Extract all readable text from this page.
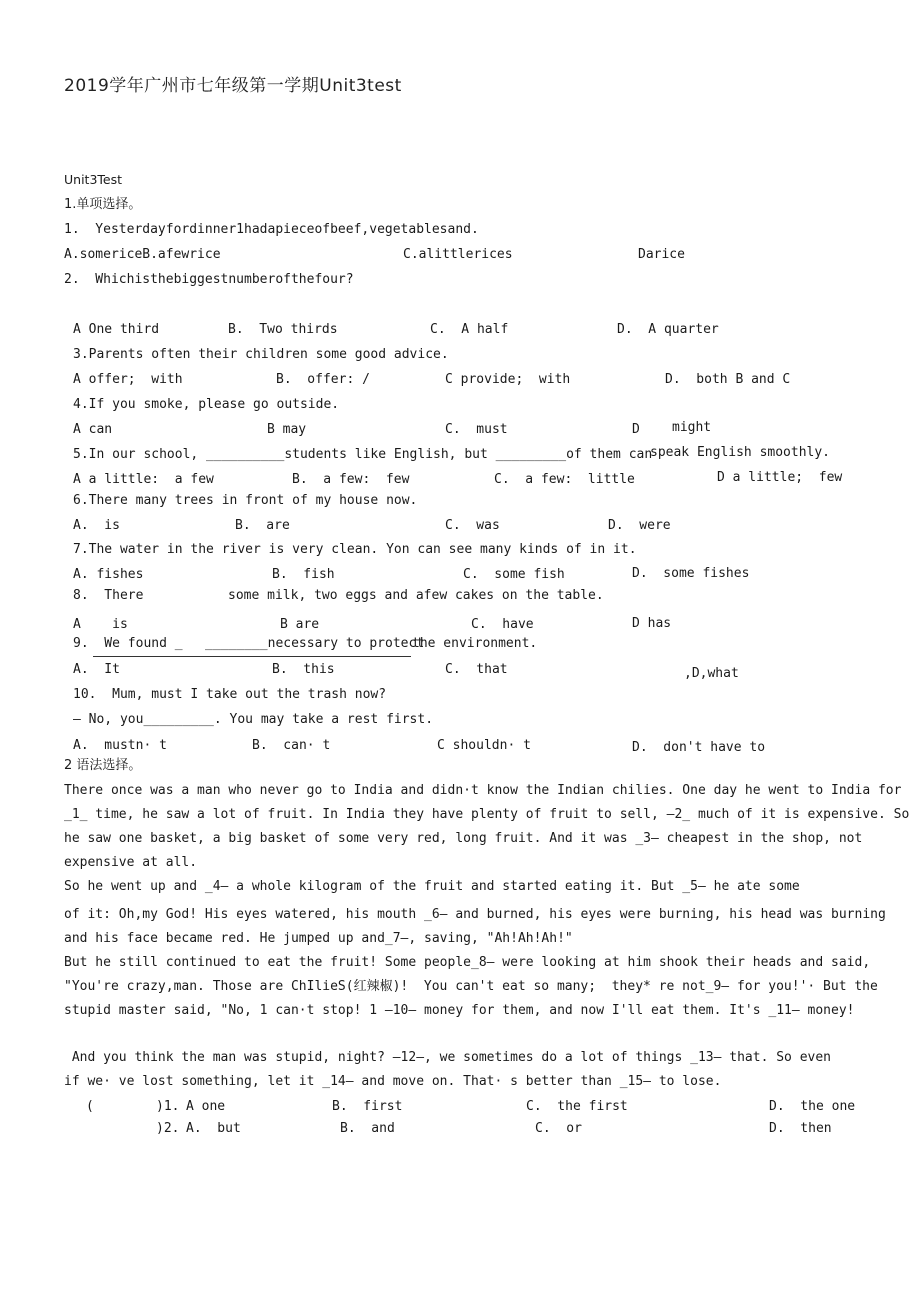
2019学年广州市七年级第一学期Unit3test
Unit3Test
1.单项选择。
1.  Yesterdayfordinner1hadapieceofbeef,vegetablesand.
A.somericeB.afewrice	C.alittlerices	Darice
2.  Whichisthebiggestnumberofthefour?
A One third	B.  Two thirds	C.  A half	D.  A quarter
3.Parents often their children some good advice.
A offer;  with	B.  offer: /	C provide;  with	D.  both B and C
4.If you smoke, please go outside.
A can	B may	C.  must	D might
5.In our school, __________students like English, but _________of them can
speak English smoothly.
A a little:  a few	B.  a few:  few	C.  a few:  little	D a little;  few
6.There many trees in front of my house now.
A.  is	B.  are	C.  was	D.  were
7.The water in the river is very clean. Yon can see many kinds of in it.
A. fishes	B.  fish	C.  some fish	D.  some fishes
8.  There	some milk, two eggs and afew cakes on the table.
A    is	B are	C.  have	D has
9.  We found _ ________necessary to protect
the environment.
A.  It	B.  this	C.  that	,D,what
10.  Mum, must I take out the trash now?
— No, you_________. You may take a rest first.
A.  mustn· t	B.  can· t	C shouldn· t	D.  don't have to
2 语法选择。
There once was a man who never go to India and didn·t know the Indian chilies. One day he went to India for
_1_ time, he saw a lot of fruit. In India they have plenty of fruit to sell, —2_ much of it is expensive. So
he saw one basket, a big basket of some very red, long fruit. And it was _3— cheapest in the shop, not
expensive at all.
So he went up and _4— a whole kilogram of the fruit and started eating it. But _5— he ate some
of it: Oh,my God! His eyes watered, his mouth _6— and burned, his eyes were burning, his head was burning
and his face became red. He jumped up and_7—, saving, "Ah!Ah!Ah!"
But he still continued to eat the fruit! Some people_8— were looking at him shook their heads and said,
"You're crazy,man. Those are ChIlieS(红辣椒)!  You can't eat so many;  they* re not_9— for you!'· But the
stupid master said, "No, 1 can·t stop! 1 —10— money for them, and now I'll eat them. It's _11— money!
And you think the man was stupid, night? —12—, we sometimes do a lot of things _13— that. So even
if we· ve lost something, let it _14— and move on. That· s better than _15— to lose.
(	)1. A one	B.  first	C.  the first	D.  the one
)2. A.  but	B.  and	C.  or	D.  then
